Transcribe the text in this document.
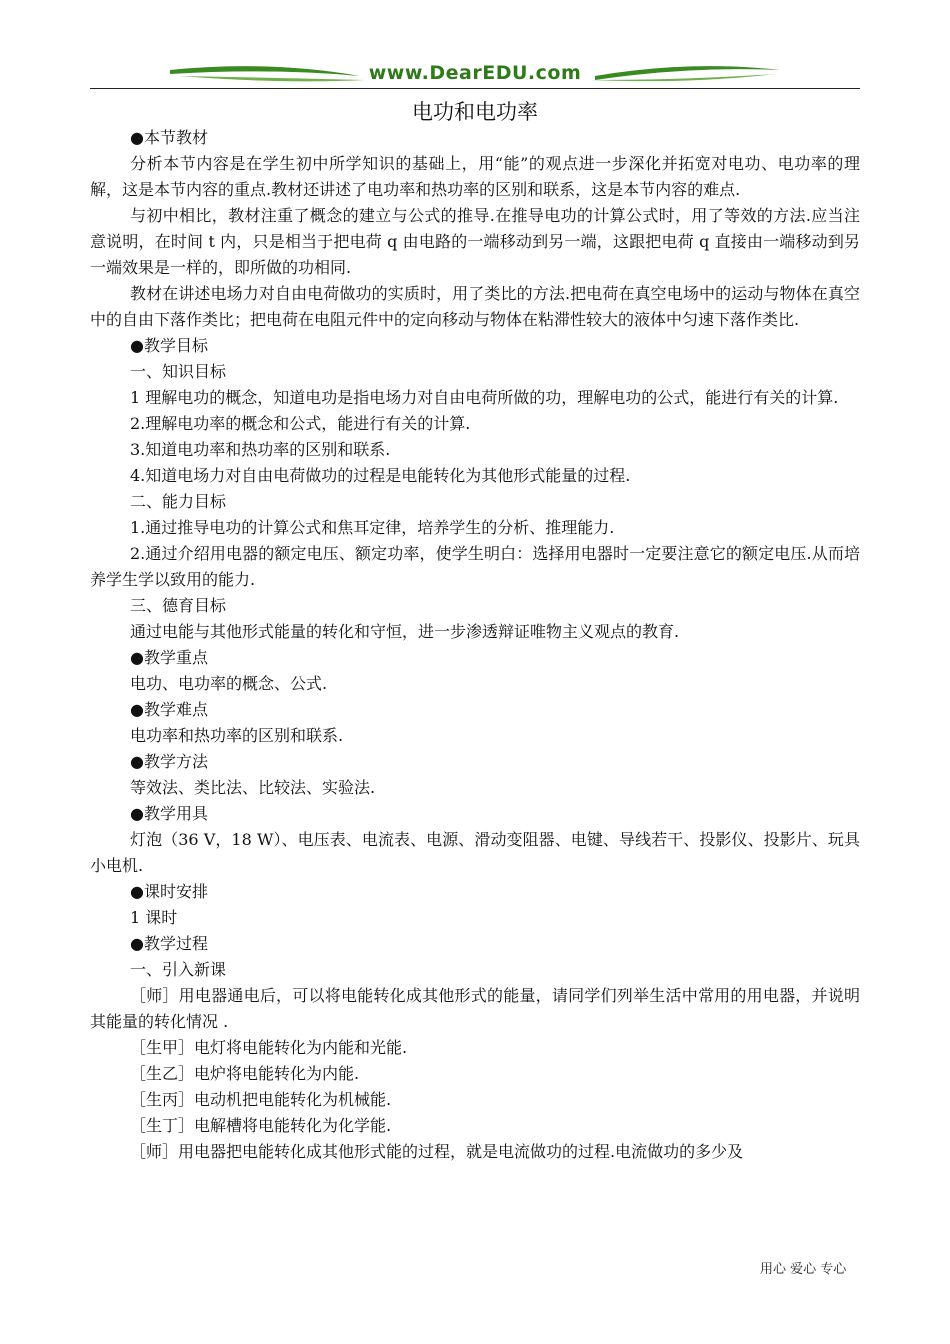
www.DearEDU.com
电功和电功率

●本节教材

分析本节内容是在学生初中所学知识的基础上，用“能”的观点进一步深化并拓宽对电功、电功率的理解，这是本节内容的重点.教材还讲述了电功率和热功率的区别和联系，这是本节内容的难点.

与初中相比，教材注重了概念的建立与公式的推导.在推导电功的计算公式时，用了等效的方法.应当注意说明，在时间 t 内，只是相当于把电荷 q 由电路的一端移动到另一端，这跟把电荷 q 直接由一端移动到另一端效果是一样的，即所做的功相同.

教材在讲述电场力对自由电荷做功的实质时，用了类比的方法.把电荷在真空电场中的运动与物体在真空中的自由下落作类比；把电荷在电阻元件中的定向移动与物体在粘滞性较大的液体中匀速下落作类比.

●教学目标

一、知识目标

1 理解电功的概念，知道电功是指电场力对自由电荷所做的功，理解电功的公式，能进行有关的计算.

2.理解电功率的概念和公式，能进行有关的计算.

3.知道电功率和热功率的区别和联系.

4.知道电场力对自由电荷做功的过程是电能转化为其他形式能量的过程.

二、能力目标

1.通过推导电功的计算公式和焦耳定律，培养学生的分析、推理能力.

2.通过介绍用电器的额定电压、额定功率，使学生明白：选择用电器时一定要注意它的额定电压.从而培养学生学以致用的能力.

三、德育目标

通过电能与其他形式能量的转化和守恒，进一步渗透辩证唯物主义观点的教育.

●教学重点

电功、电功率的概念、公式.

●教学难点

电功率和热功率的区别和联系.

●教学方法

等效法、类比法、比较法、实验法.

●教学用具

灯泡（36 V，18 W）、电压表、电流表、电源、滑动变阻器、电键、导线若干、投影仪、投影片、玩具小电机.

●课时安排

1 课时

●教学过程

一、引入新课

［师］用电器通电后，可以将电能转化成其他形式的能量，请同学们列举生活中常用的用电器，并说明其能量的转化情况 .

［生甲］电灯将电能转化为内能和光能.

［生乙］电炉将电能转化为内能.

［生丙］电动机把电能转化为机械能.

［生丁］电解槽将电能转化为化学能.

［师］用电器把电能转化成其他形式能的过程，就是电流做功的过程.电流做功的多少及

用心 爱心 专心
